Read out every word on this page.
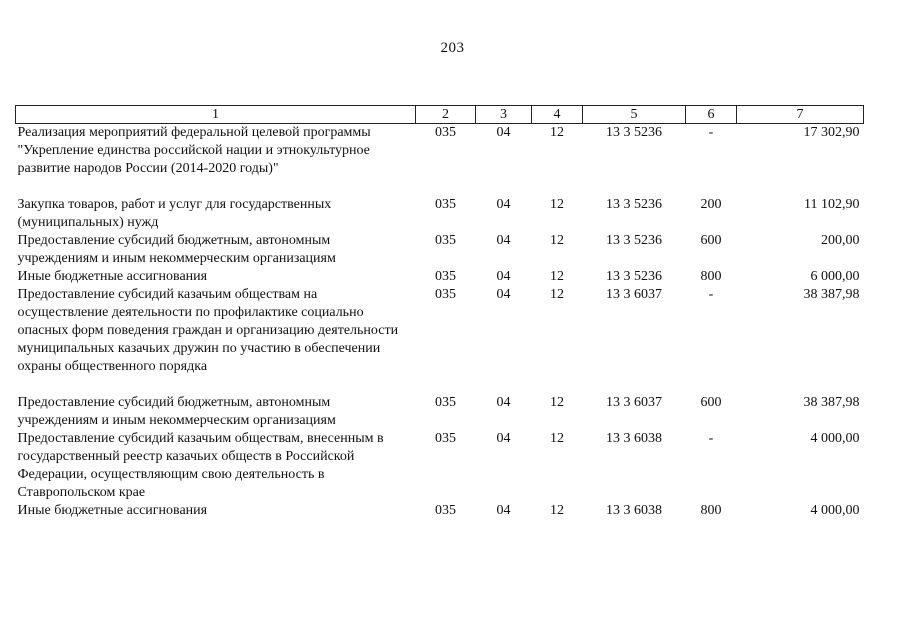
203
1	2	3	4	5	6	7
Реализация мероприятий федеральной целевой программы "Укрепление единства российской нации и этнокультурное развитие народов России (2014-2020 годы)"	035	04	12	13 3 5236	-	17 302,90

Закупка товаров, работ и услуг для государственных (муниципальных) нужд	035	04	12	13 3 5236	200	11 102,90
Предоставление субсидий бюджетным, автономным учреждениям и иным некоммерческим организациям	035	04	12	13 3 5236	600	200,00
Иные бюджетные ассигнования	035	04	12	13 3 5236	800	6 000,00
Предоставление субсидий казачьим обществам на осуществление деятельности по профилактике социально опасных форм поведения граждан и организацию деятельности муниципальных казачьих дружин по участию в обеспечении охраны общественного порядка	035	04	12	13 3 6037	-	38 387,98

Предоставление субсидий бюджетным, автономным учреждениям и иным некоммерческим организациям	035	04	12	13 3 6037	600	38 387,98
Предоставление субсидий казачьим обществам, внесенным в государственный реестр казачьих обществ в Российской Федерации, осуществляющим свою деятельность в Ставропольском крае	035	04	12	13 3 6038	-	4 000,00
Иные бюджетные ассигнования	035	04	12	13 3 6038	800	4 000,00
